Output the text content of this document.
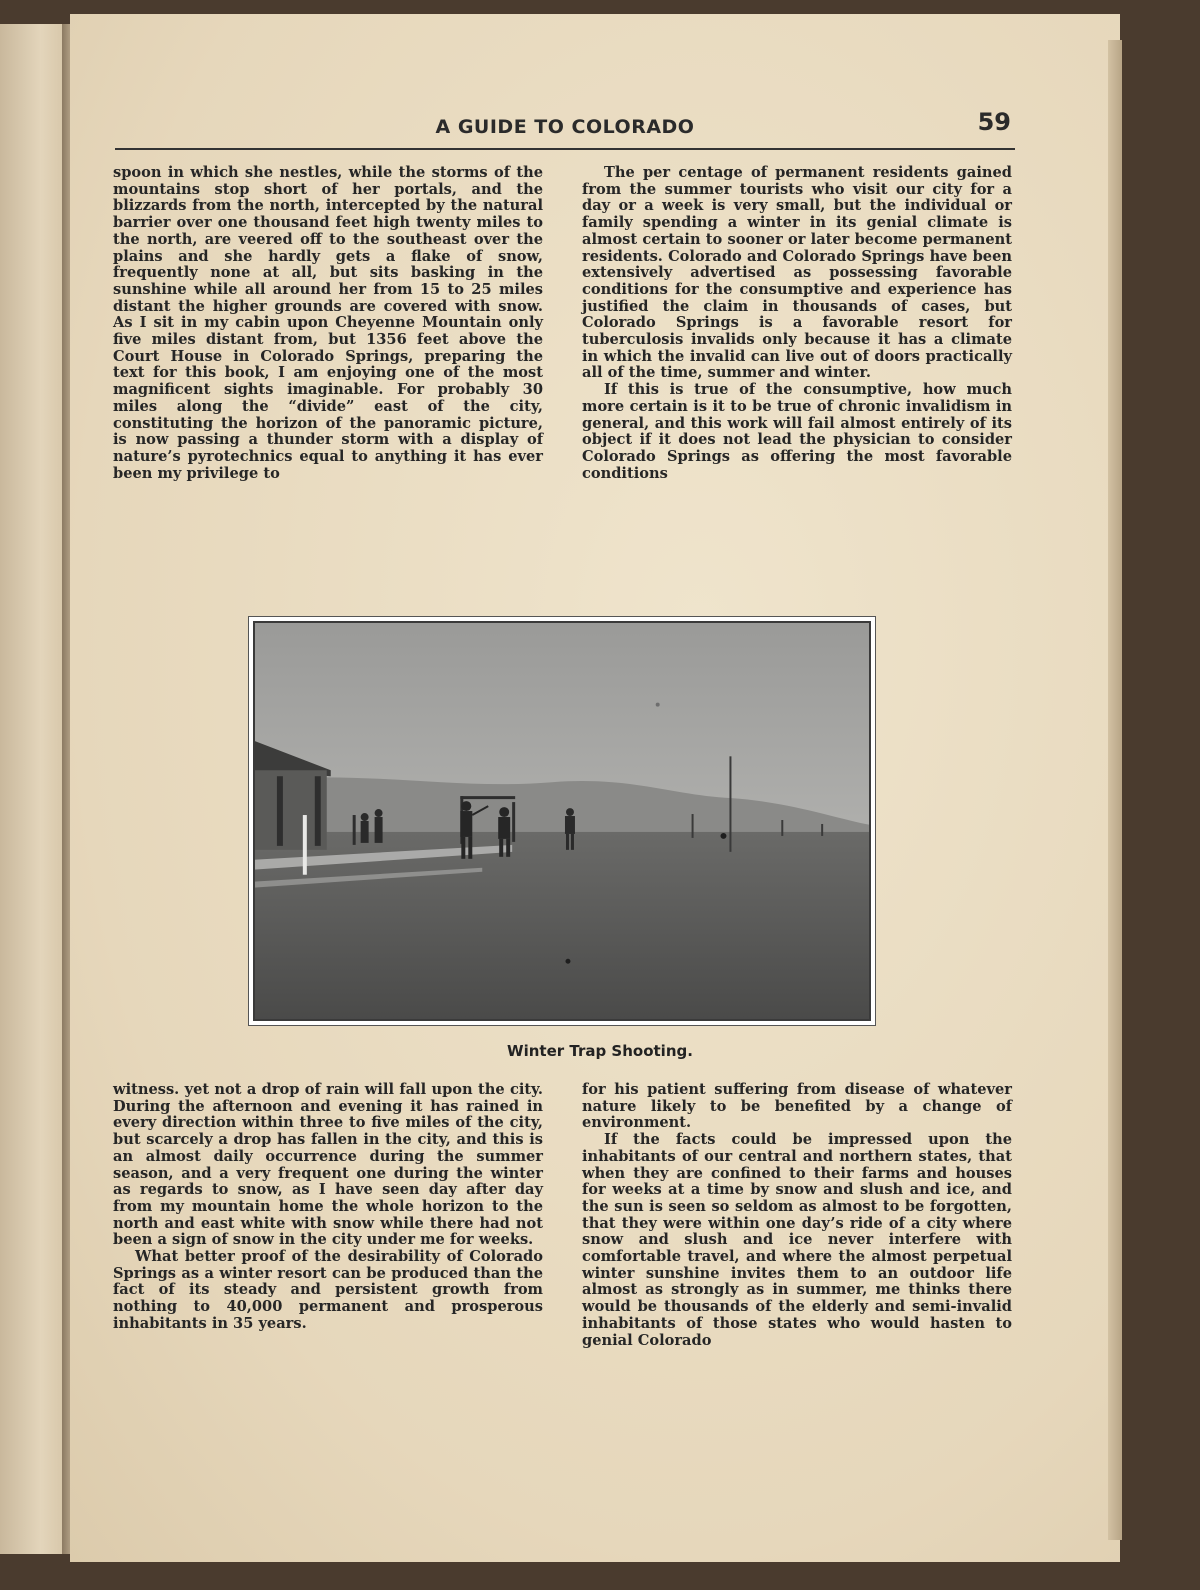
A GUIDE TO COLORADO	59

spoon in which she nestles, while the storms of the mountains stop short of her portals, and the blizzards from the north, intercepted by the natural barrier over one thousand feet high twenty miles to the north, are veered off to the southeast over the plains and she hardly gets a flake of snow, frequently none at all, but sits basking in the sunshine while all around her from 15 to 25 miles distant the higher grounds are covered with snow. As I sit in my cabin upon Cheyenne Mountain only five miles distant from, but 1356 feet above the Court House in Colorado Springs, preparing the text for this book, I am enjoying one of the most magnificent sights imaginable. For probably 30 miles along the “divide” east of the city, constituting the horizon of the panoramic picture, is now passing a thunder storm with a display of nature’s pyrotechnics equal to anything it has ever been my privilege to

The per centage of permanent residents gained from the summer tourists who visit our city for a day or a week is very small, but the individual or family spending a winter in its genial climate is almost certain to sooner or later become permanent residents. Colorado and Colorado Springs have been extensively advertised as possessing favorable conditions for the consumptive and experience has justified the claim in thousands of cases, but Colorado Springs is a favorable resort for tuberculosis invalids only because it has a climate in which the invalid can live out of doors practically all of the time, summer and winter.

If this is true of the consumptive, how much more certain is it to be true of chronic invalidism in general, and this work will fail almost entirely of its object if it does not lead the physician to consider Colorado Springs as offering the most favorable conditions

Winter Trap Shooting.

witness. yet not a drop of rain will fall upon the city. During the afternoon and evening it has rained in every direction within three to five miles of the city, but scarcely a drop has fallen in the city, and this is an almost daily occurrence during the summer season, and a very frequent one during the winter as regards to snow, as I have seen day after day from my mountain home the whole horizon to the north and east white with snow while there had not been a sign of snow in the city under me for weeks.

What better proof of the desirability of Colorado Springs as a winter resort can be produced than the fact of its steady and persistent growth from nothing to 40,000 permanent and prosperous inhabitants in 35 years.

for his patient suffering from disease of whatever nature likely to be benefited by a change of environment.

If the facts could be impressed upon the inhabitants of our central and northern states, that when they are confined to their farms and houses for weeks at a time by snow and slush and ice, and the sun is seen so seldom as almost to be forgotten, that they were within one day’s ride of a city where snow and slush and ice never interfere with comfortable travel, and where the almost perpetual winter sunshine invites them to an outdoor life almost as strongly as in summer, me thinks there would be thousands of the elderly and semi-invalid inhabitants of those states who would hasten to genial Colorado
